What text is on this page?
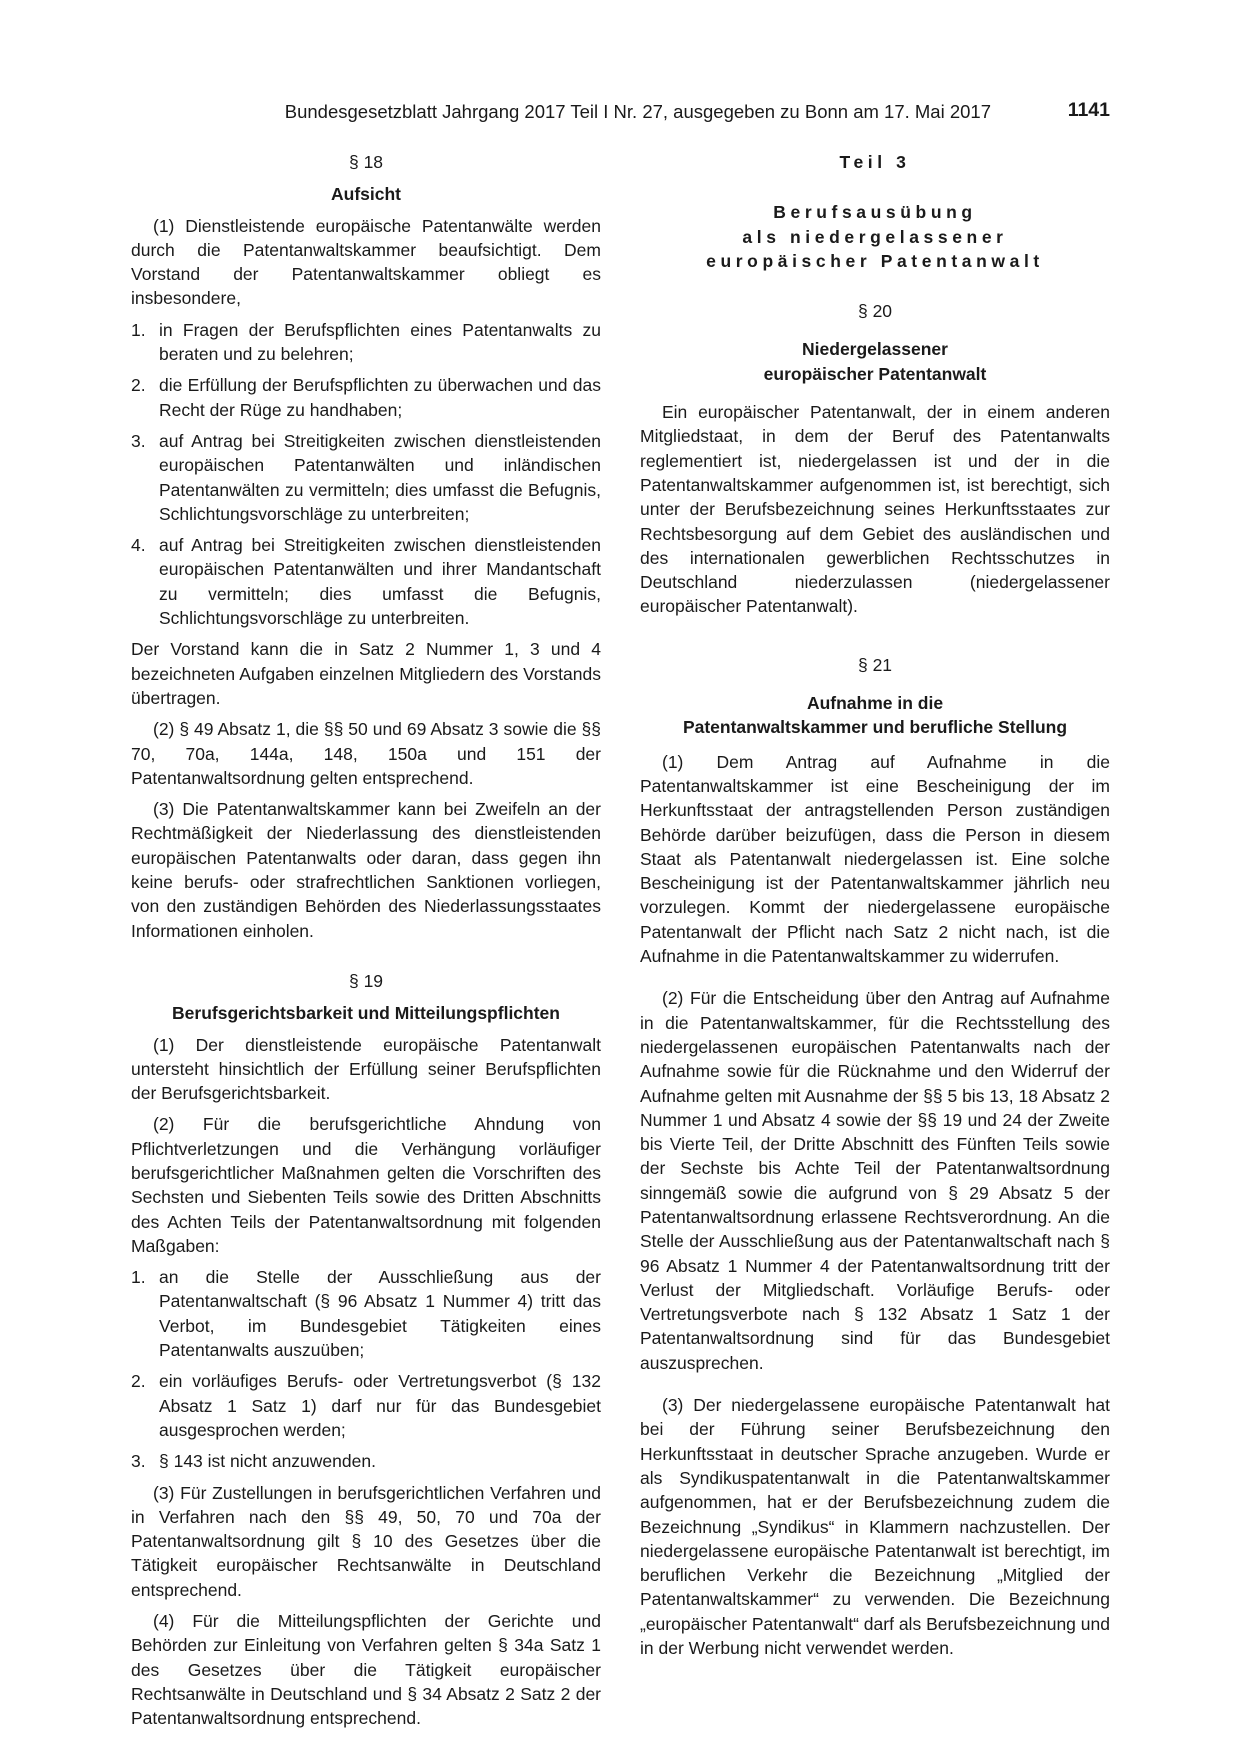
Bundesgesetzblatt Jahrgang 2017 Teil I Nr. 27, ausgegeben zu Bonn am 17. Mai 2017	1141
§ 18
Aufsicht

(1) Dienstleistende europäische Patentanwälte werden durch die Patentanwaltskammer beaufsichtigt. Dem Vorstand der Patentanwaltskammer obliegt es insbesondere,

1. in Fragen der Berufspflichten eines Patentanwalts zu beraten und zu belehren;
2. die Erfüllung der Berufspflichten zu überwachen und das Recht der Rüge zu handhaben;
3. auf Antrag bei Streitigkeiten zwischen dienstleistenden europäischen Patentanwälten und inländischen Patentanwälten zu vermitteln; dies umfasst die Befugnis, Schlichtungsvorschläge zu unterbreiten;
4. auf Antrag bei Streitigkeiten zwischen dienstleistenden europäischen Patentanwälten und ihrer Mandantschaft zu vermitteln; dies umfasst die Befugnis, Schlichtungsvorschläge zu unterbreiten.

Der Vorstand kann die in Satz 2 Nummer 1, 3 und 4 bezeichneten Aufgaben einzelnen Mitgliedern des Vorstands übertragen.

(2) § 49 Absatz 1, die §§ 50 und 69 Absatz 3 sowie die §§ 70, 70a, 144a, 148, 150a und 151 der Patentanwaltsordnung gelten entsprechend.

(3) Die Patentanwaltskammer kann bei Zweifeln an der Rechtmäßigkeit der Niederlassung des dienstleistenden europäischen Patentanwalts oder daran, dass gegen ihn keine berufs- oder strafrechtlichen Sanktionen vorliegen, von den zuständigen Behörden des Niederlassungsstaates Informationen einholen.

§ 19
Berufsgerichtsbarkeit und Mitteilungspflichten

(1) Der dienstleistende europäische Patentanwalt untersteht hinsichtlich der Erfüllung seiner Berufspflichten der Berufsgerichtsbarkeit.

(2) Für die berufsgerichtliche Ahndung von Pflichtverletzungen und die Verhängung vorläufiger berufsgerichtlicher Maßnahmen gelten die Vorschriften des Sechsten und Siebenten Teils sowie des Dritten Abschnitts des Achten Teils der Patentanwaltsordnung mit folgenden Maßgaben:

1. an die Stelle der Ausschließung aus der Patentanwaltschaft (§ 96 Absatz 1 Nummer 4) tritt das Verbot, im Bundesgebiet Tätigkeiten eines Patentanwalts auszuüben;
2. ein vorläufiges Berufs- oder Vertretungsverbot (§ 132 Absatz 1 Satz 1) darf nur für das Bundesgebiet ausgesprochen werden;
3. § 143 ist nicht anzuwenden.

(3) Für Zustellungen in berufsgerichtlichen Verfahren und in Verfahren nach den §§ 49, 50, 70 und 70a der Patentanwaltsordnung gilt § 10 des Gesetzes über die Tätigkeit europäischer Rechtsanwälte in Deutschland entsprechend.

(4) Für die Mitteilungspflichten der Gerichte und Behörden zur Einleitung von Verfahren gelten § 34a Satz 1 des Gesetzes über die Tätigkeit europäischer Rechtsanwälte in Deutschland und § 34 Absatz 2 Satz 2 der Patentanwaltsordnung entsprechend.

Teil 3
Berufsausübung
als niedergelassener
europäischer Patentanwalt
§ 20
Niedergelassener
europäischer Patentanwalt

Ein europäischer Patentanwalt, der in einem anderen Mitgliedstaat, in dem der Beruf des Patentanwalts reglementiert ist, niedergelassen ist und der in die Patentanwaltskammer aufgenommen ist, ist berechtigt, sich unter der Berufsbezeichnung seines Herkunftsstaates zur Rechtsbesorgung auf dem Gebiet des ausländischen und des internationalen gewerblichen Rechtsschutzes in Deutschland niederzulassen (niedergelassener europäischer Patentanwalt).

§ 21
Aufnahme in die
Patentanwaltskammer und berufliche Stellung

(1) Dem Antrag auf Aufnahme in die Patentanwaltskammer ist eine Bescheinigung der im Herkunftsstaat der antragstellenden Person zuständigen Behörde darüber beizufügen, dass die Person in diesem Staat als Patentanwalt niedergelassen ist. Eine solche Bescheinigung ist der Patentanwaltskammer jährlich neu vorzulegen. Kommt der niedergelassene europäische Patentanwalt der Pflicht nach Satz 2 nicht nach, ist die Aufnahme in die Patentanwaltskammer zu widerrufen.

(2) Für die Entscheidung über den Antrag auf Aufnahme in die Patentanwaltskammer, für die Rechtsstellung des niedergelassenen europäischen Patentanwalts nach der Aufnahme sowie für die Rücknahme und den Widerruf der Aufnahme gelten mit Ausnahme der §§ 5 bis 13, 18 Absatz 2 Nummer 1 und Absatz 4 sowie der §§ 19 und 24 der Zweite bis Vierte Teil, der Dritte Abschnitt des Fünften Teils sowie der Sechste bis Achte Teil der Patentanwaltsordnung sinngemäß sowie die aufgrund von § 29 Absatz 5 der Patentanwaltsordnung erlassene Rechtsverordnung. An die Stelle der Ausschließung aus der Patentanwaltschaft nach § 96 Absatz 1 Nummer 4 der Patentanwaltsordnung tritt der Verlust der Mitgliedschaft. Vorläufige Berufs- oder Vertretungsverbote nach § 132 Absatz 1 Satz 1 der Patentanwaltsordnung sind für das Bundesgebiet auszusprechen.

(3) Der niedergelassene europäische Patentanwalt hat bei der Führung seiner Berufsbezeichnung den Herkunftsstaat in deutscher Sprache anzugeben. Wurde er als Syndikuspatentanwalt in die Patentanwaltskammer aufgenommen, hat er der Berufsbezeichnung zudem die Bezeichnung „Syndikus“ in Klammern nachzustellen. Der niedergelassene europäische Patentanwalt ist berechtigt, im beruflichen Verkehr die Bezeichnung „Mitglied der Patentanwaltskammer“ zu verwenden. Die Bezeichnung „europäischer Patentanwalt“ darf als Berufsbezeichnung und in der Werbung nicht verwendet werden.
